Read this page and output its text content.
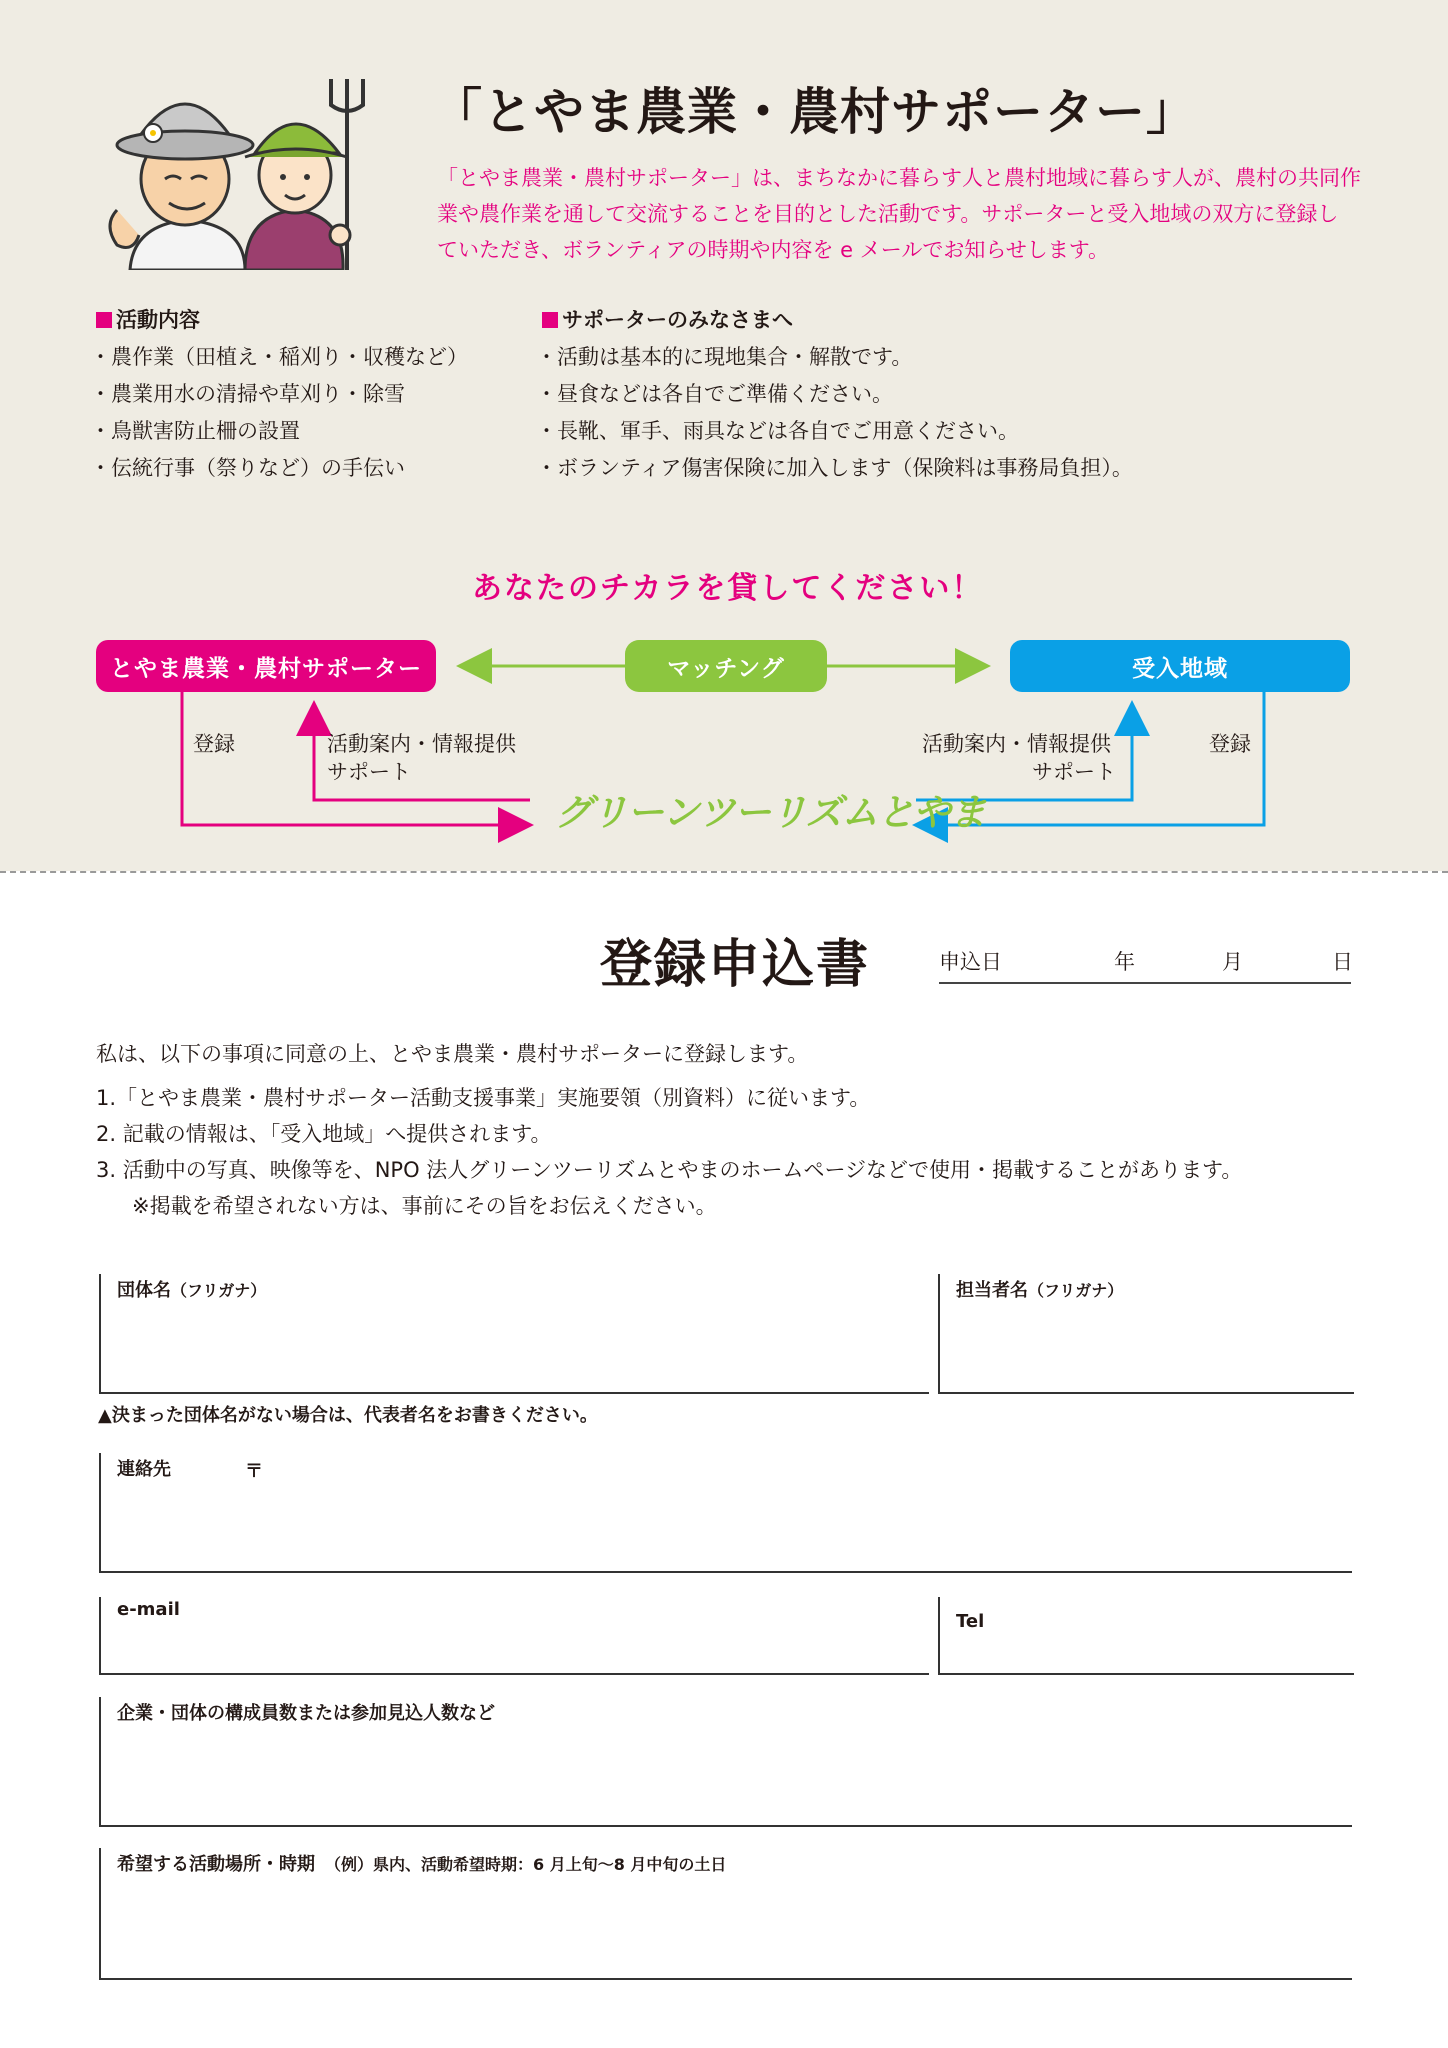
「とやま農業・農村サポーター」

「とやま農業・農村サポーター」は、まちなかに暮らす人と農村地域に暮らす人が、農村の共同作

業や農作業を通して交流することを目的とした活動です。サポーターと受入地域の双方に登録し

ていただき、ボランティアの時期や内容を e メールでお知らせします。

活動内容
・ 農作業（田植え・稲刈り・収穫など）
・ 農業用水の清掃や草刈り・除雪
・ 鳥獣害防止柵の設置
・ 伝統行事（祭りなど）の手伝い
サポーターのみなさまへ
・ 活動は基本的に現地集合・解散です。
・ 昼食などは各自でご準備ください。
・ 長靴、軍手、雨具などは各自でご用意ください。
・ ボランティア傷害保険に加入します（保険料は事務局負担）。
あなたのチカラを貸してください！
とやま農業・農村サポーター	マッチング	受入地域
登録	活動案内・情報提供
サポート
活動案内・情報提供
サポート
登録
グリーンツーリズムとやま
登録申込書	申込日	年	月	日

私は、以下の事項に同意の上、とやま農業・農村サポーターに登録します。

1.「とやま農業・農村サポーター活動支援事業」実施要領（別資料）に従います。

2. 記載の情報は、「受入地域」へ提供されます。

3. 活動中の写真、映像等を、NPO 法人グリーンツーリズムとやまのホームページなどで使用・掲載することがあります。

※掲載を希望されない方は、事前にその旨をお伝えください。

団体名（フリガナ）	担当者名（フリガナ）
▲決まった団体名がない場合は、代表者名をお書きください。
連絡先	〒
e-mail
Tel
企業・団体の構成員数または参加見込人数など
希望する活動場所・時期　 （例）県内、活動希望時期：6 月上旬〜8 月中旬の土日
